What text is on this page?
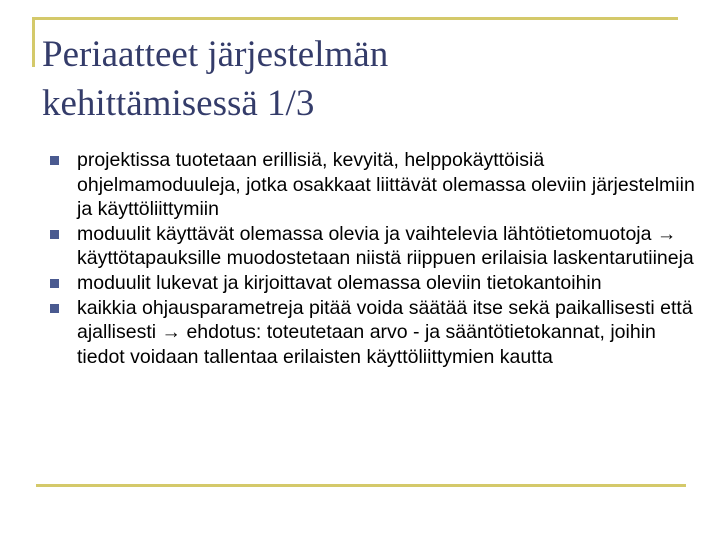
Periaatteet järjestelmän
kehittämisessä 1/3
projektissa tuotetaan erillisiä, kevyitä, helppokäyttöisiä ohjelmamoduuleja, jotka osakkaat liittävät olemassa oleviin järjestelmiin ja käyttöliittymiin
moduulit käyttävät olemassa olevia ja vaihtelevia lähtötietomuotoja → käyttötapauksille muodostetaan niistä riippuen erilaisia laskentarutiineja
moduulit lukevat ja kirjoittavat olemassa oleviin tietokantoihin
kaikkia ohjausparametreja pitää voida säätää itse sekä paikallisesti että ajallisesti → ehdotus: toteutetaan arvo - ja sääntötietokannat, joihin tiedot voidaan tallentaa erilaisten käyttöliittymien kautta
